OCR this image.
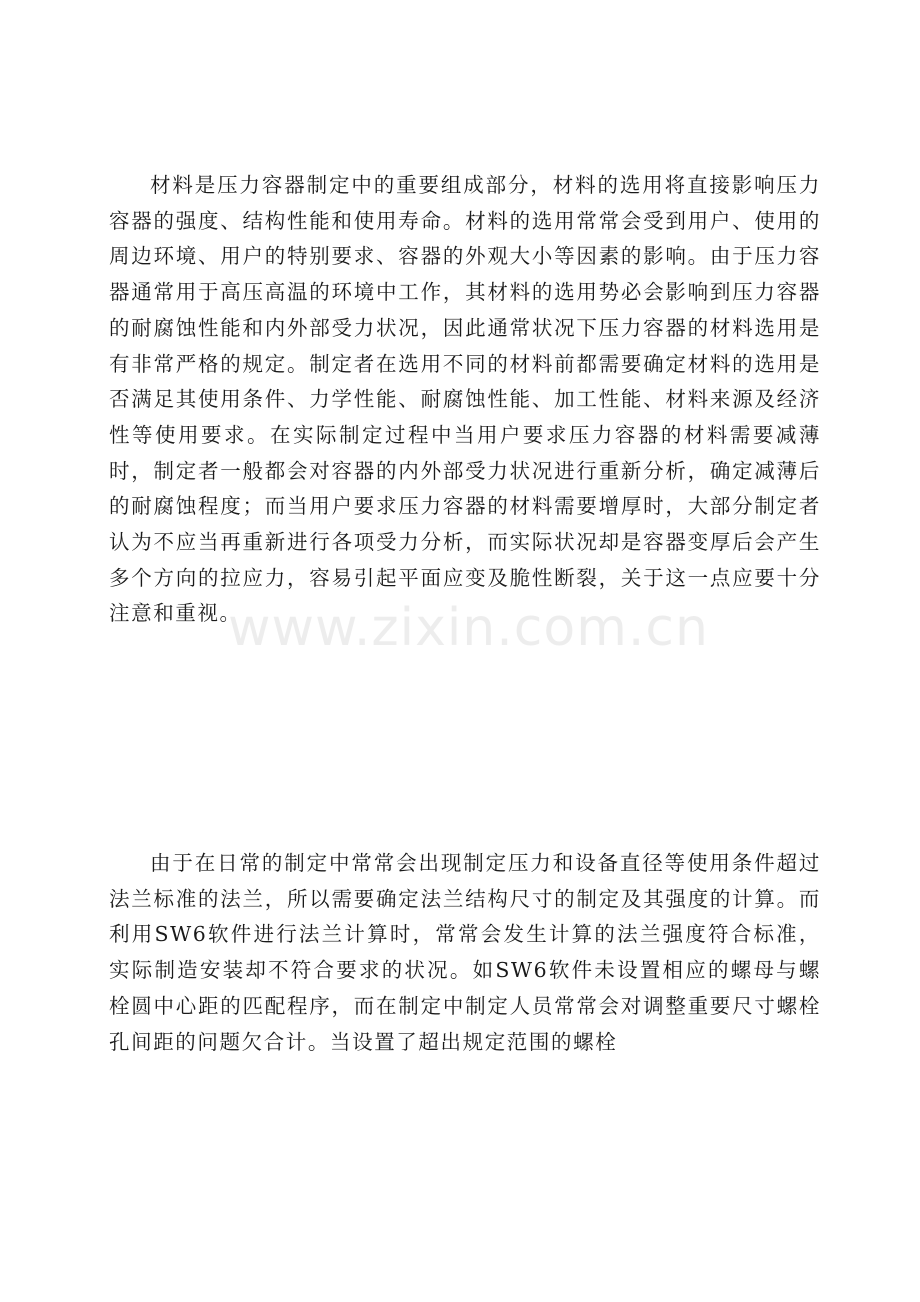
www.zixin.com.cn

材料是压力容器制定中的重要组成部分，材料的选用将直接影响压力容器的强度、结构性能和使用寿命。材料的选用常常会受到用户、使用的周边环境、用户的特别要求、容器的外观大小等因素的影响。由于压力容器通常用于高压高温的环境中工作，其材料的选用势必会影响到压力容器的耐腐蚀性能和内外部受力状况，因此通常状况下压力容器的材料选用是有非常严格的规定。制定者在选用不同的材料前都需要确定材料的选用是否满足其使用条件、力学性能、耐腐蚀性能、加工性能、材料来源及经济性等使用要求。在实际制定过程中当用户要求压力容器的材料需要减薄时，制定者一般都会对容器的内外部受力状况进行重新分析，确定减薄后的耐腐蚀程度；而当用户要求压力容器的材料需要增厚时，大部分制定者认为不应当再重新进行各项受力分析，而实际状况却是容器变厚后会产生多个方向的拉应力，容易引起平面应变及脆性断裂，关于这一点应要十分注意和重视。

由于在日常的制定中常常会出现制定压力和设备直径等使用条件超过法兰标准的法兰，所以需要确定法兰结构尺寸的制定及其强度的计算。而利用SW6软件进行法兰计算时，常常会发生计算的法兰强度符合标准，实际制造安装却不符合要求的状况。如SW6软件未设置相应的螺母与螺栓圆中心距的匹配程序，而在制定中制定人员常常会对调整重要尺寸螺栓孔间距的问题欠合计。当设置了超出规定范围的螺栓
